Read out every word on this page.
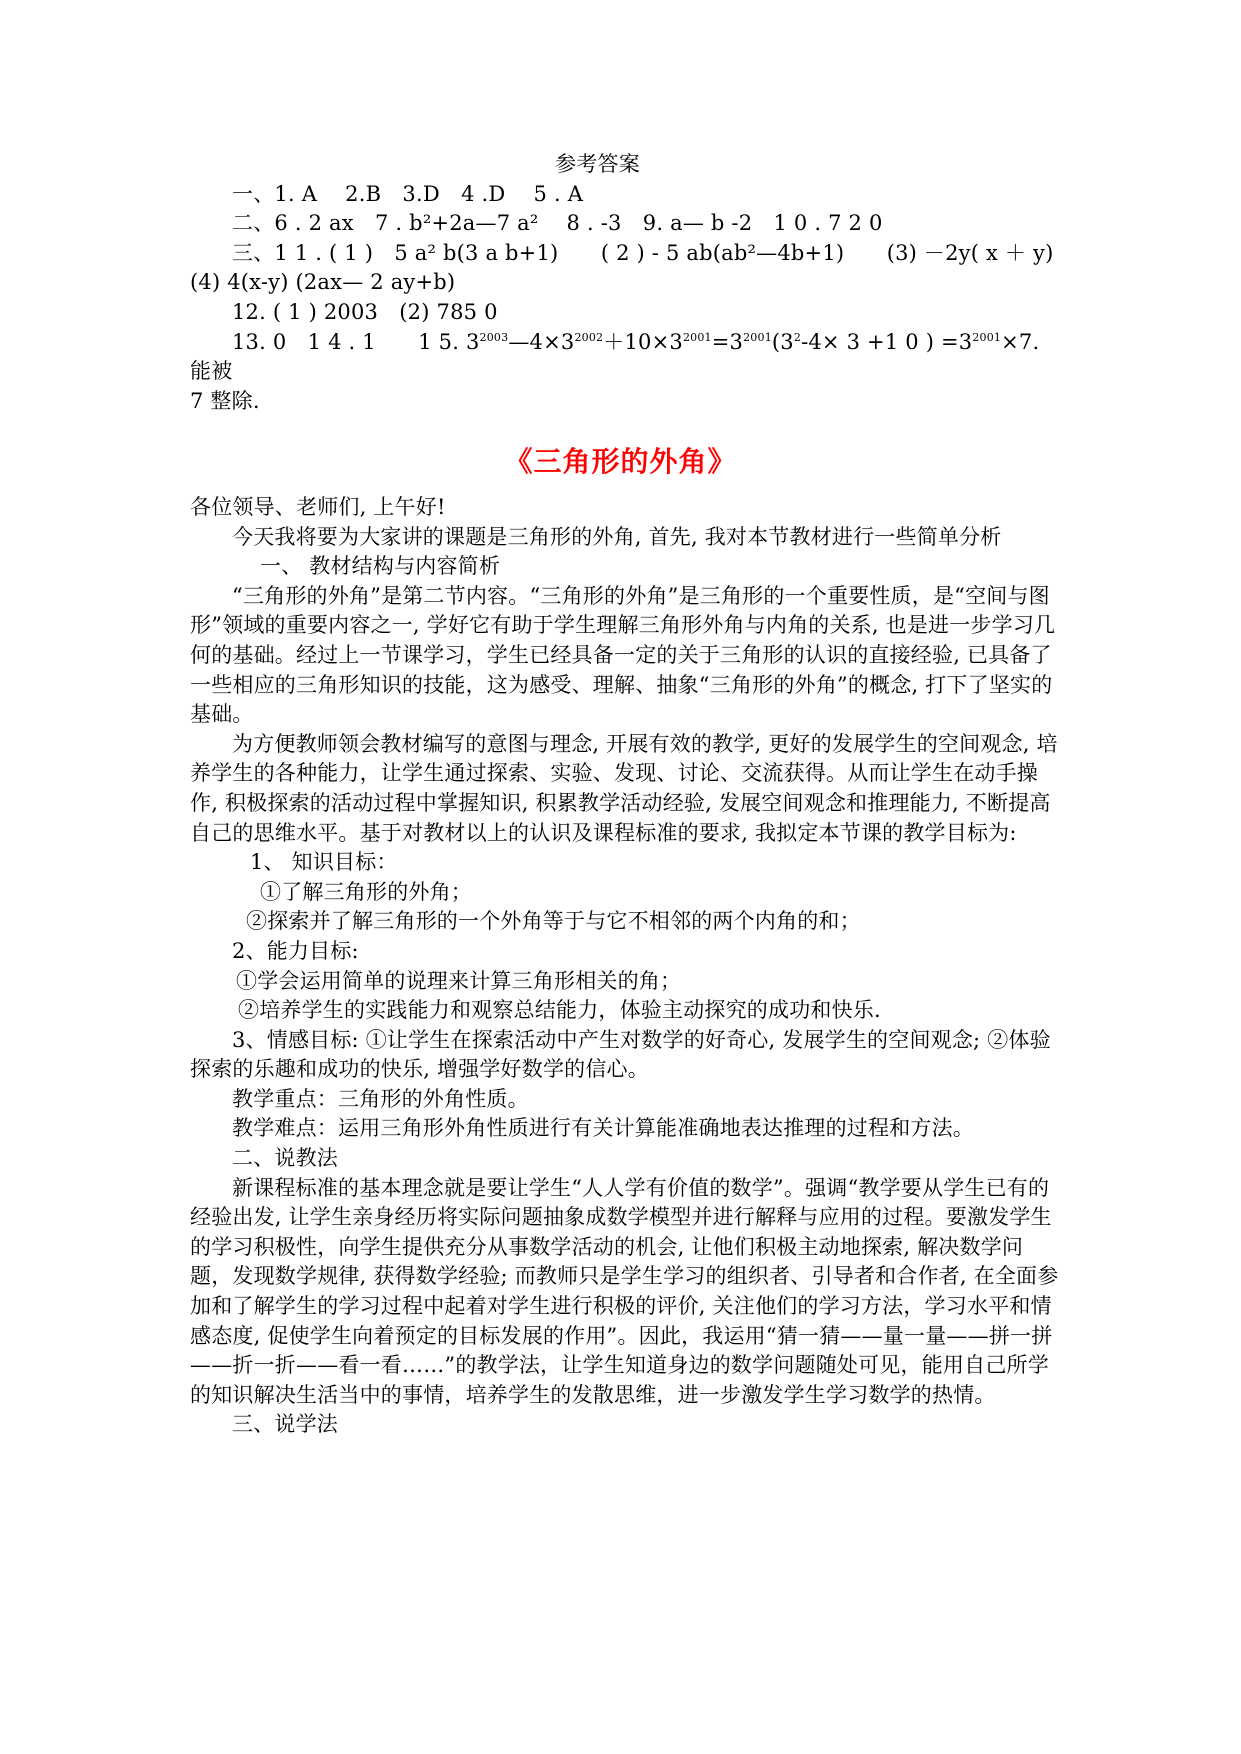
参考答案

一、1. A　 2.B　3.D　4 .D　 5 . A

二、6 . 2 ax　7 . b²+2a—7 a²　 8 . -3　9. a— b -2　1 0 . 7 2 0

三、1 1 . ( 1 )　5 a² b(3 a b+1)　　( 2 ) - 5 ab(ab²—4b+1)　　(3) －2y( x ＋ y)

(4) 4(x-y) (2ax— 2 ay+b)

12. ( 1 ) 2003　(2) 785 0

13. 0　1 4 . 1　　1 5. $3^{2003}—4\times 3^{2002}+10\times 3^{2001}=3^{2001}(3^2-4\times 3 +1$ 0 ) $=3^{2001}\times 7$. 能被

7 整除.

《三角形的外角》

各位领导、老师们, 上午好!

今天我将要为大家讲的课题是三角形的外角, 首先, 我对本节教材进行一些简单分析

一、 教材结构与内容简析

“三角形的外角”是第二节内容。“三角形的外角”是三角形的一个重要性质，是“空间与图形”领域的重要内容之一, 学好它有助于学生理解三角形外角与内角的关系, 也是进一步学习几何的基础。经过上一节课学习，学生已经具备一定的关于三角形的认识的直接经验, 已具备了一些相应的三角形知识的技能，这为感受、理解、抽象“三角形的外角”的概念, 打下了坚实的基础。

为方便教师领会教材编写的意图与理念, 开展有效的教学, 更好的发展学生的空间观念, 培养学生的各种能力，让学生通过探索、实验、发现、讨论、交流获得。从而让学生在动手操作, 积极探索的活动过程中掌握知识, 积累教学活动经验, 发展空间观念和推理能力, 不断提高自己的思维水平。基于对教材以上的认识及课程标准的要求, 我拟定本节课的教学目标为:

1、 知识目标：

①了解三角形的外角；

②探索并了解三角形的一个外角等于与它不相邻的两个内角的和；

2、能力目标:

①学会运用简单的说理来计算三角形相关的角；

②培养学生的实践能力和观察总结能力，体验主动探究的成功和快乐.

3、情感目标: ①让学生在探索活动中产生对数学的好奇心, 发展学生的空间观念; ②体验探索的乐趣和成功的快乐, 增强学好数学的信心。

教学重点：三角形的外角性质。

教学难点：运用三角形外角性质进行有关计算能准确地表达推理的过程和方法。

二、说教法

新课程标准的基本理念就是要让学生“人人学有价值的数学”。强调“教学要从学生已有的经验出发, 让学生亲身经历将实际问题抽象成数学模型并进行解释与应用的过程。要激发学生的学习积极性，向学生提供充分从事数学活动的机会, 让他们积极主动地探索, 解决数学问题，发现数学规律, 获得数学经验; 而教师只是学生学习的组织者、引导者和合作者, 在全面参加和了解学生的学习过程中起着对学生进行积极的评价, 关注他们的学习方法，学习水平和情感态度, 促使学生向着预定的目标发展的作用”。因此，我运用“猜一猜——量一量——拼一拼——折一折——看一看……”的教学法，让学生知道身边的数学问题随处可见，能用自己所学的知识解决生活当中的事情，培养学生的发散思维，进一步激发学生学习数学的热情。

三、说学法
